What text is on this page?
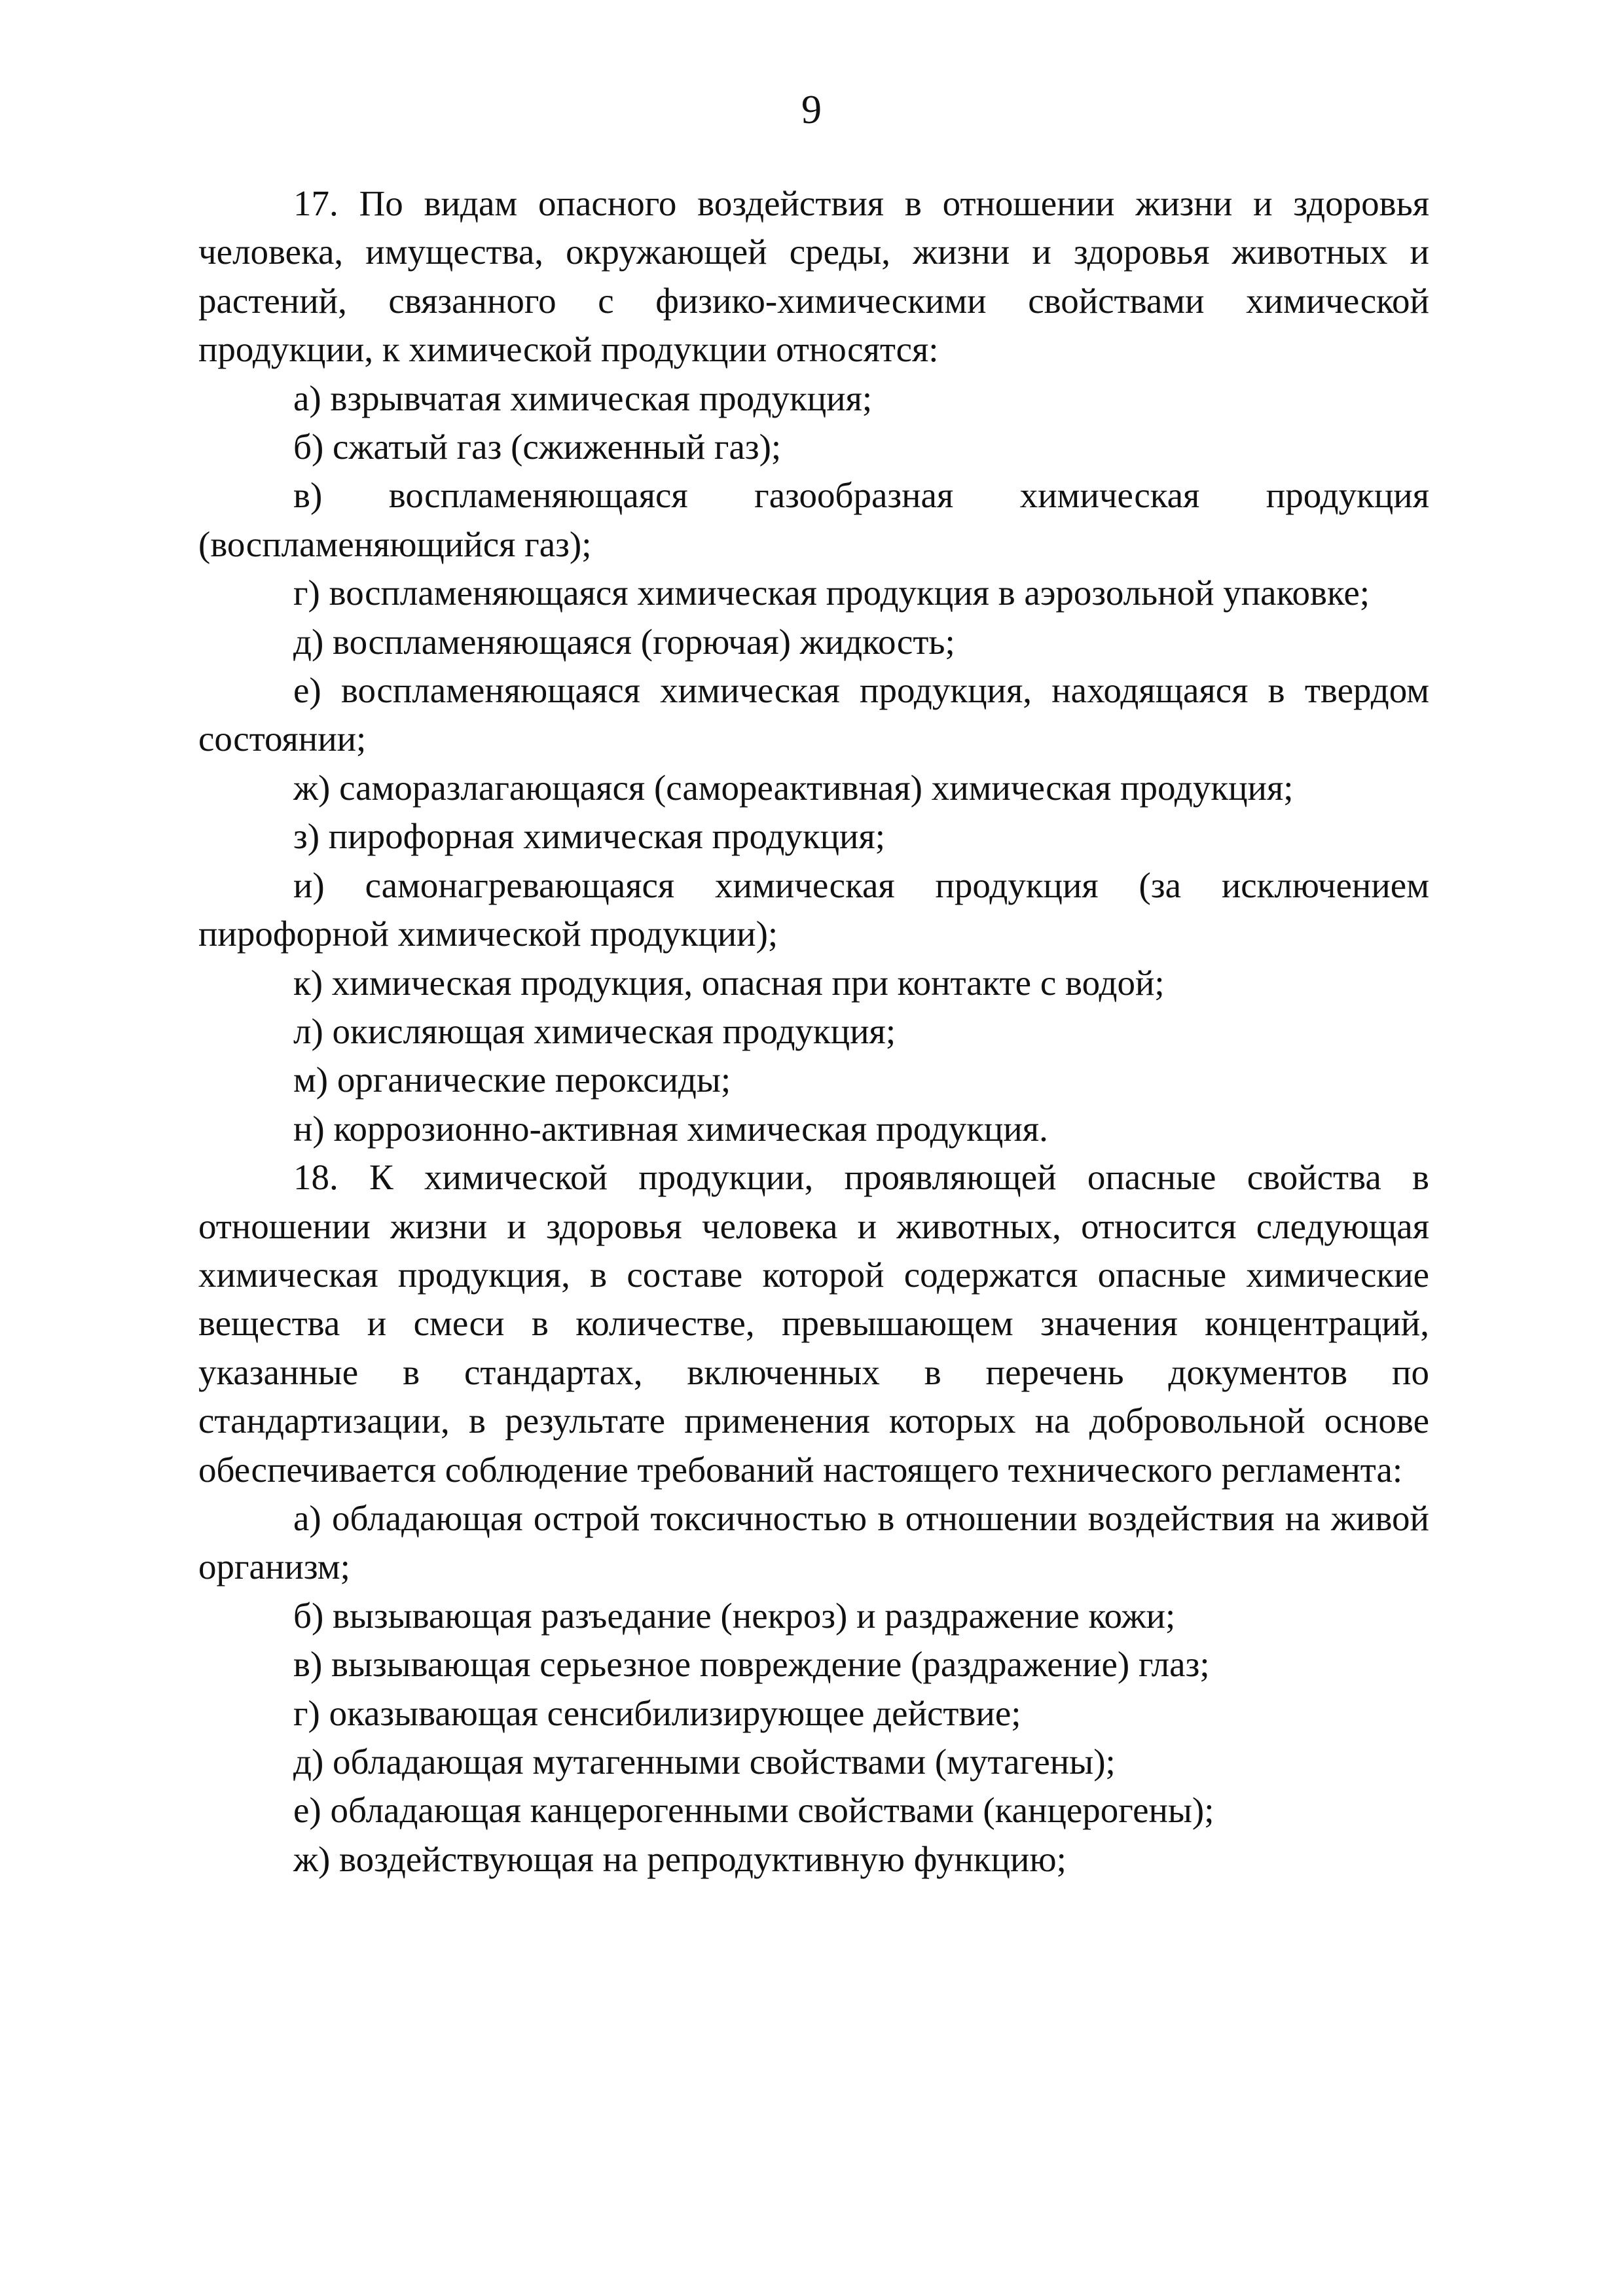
9

17. По видам опасного воздействия в отношении жизни и здоровья человека, имущества, окружающей среды, жизни и здоровья животных и растений, связанного с физико-химическими свойствами химической продукции, к химической продукции относятся:

а) взрывчатая химическая продукция;

б) сжатый газ (сжиженный газ);

в) воспламеняющаяся газообразная химическая продукция (воспламеняющийся газ);

г) воспламеняющаяся химическая продукция в аэрозольной упаковке;

д) воспламеняющаяся (горючая) жидкость;

е) воспламеняющаяся химическая продукция, находящаяся в твердом состоянии;

ж) саморазлагающаяся (самореактивная) химическая продукция;

з) пирофорная химическая продукция;

и) самонагревающаяся химическая продукция (за исключением пирофорной химической продукции);

к) химическая продукция, опасная при контакте с водой;

л) окисляющая химическая продукция;

м) органические пероксиды;

н) коррозионно-активная химическая продукция.

18. К химической продукции, проявляющей опасные свойства в отношении жизни и здоровья человека и животных, относится следующая химическая продукция, в составе которой содержатся опасные химические вещества и смеси в количестве, превышающем значения концентраций, указанные в стандартах, включенных в перечень документов по стандартизации, в результате применения которых на добровольной основе обеспечивается соблюдение требований настоящего технического регламента:

а) обладающая острой токсичностью в отношении воздействия на живой организм;

б) вызывающая разъедание (некроз) и раздражение кожи;

в) вызывающая серьезное повреждение (раздражение) глаз;

г) оказывающая сенсибилизирующее действие;

д) обладающая мутагенными свойствами (мутагены);

е) обладающая канцерогенными свойствами (канцерогены);

ж) воздействующая на репродуктивную функцию;
